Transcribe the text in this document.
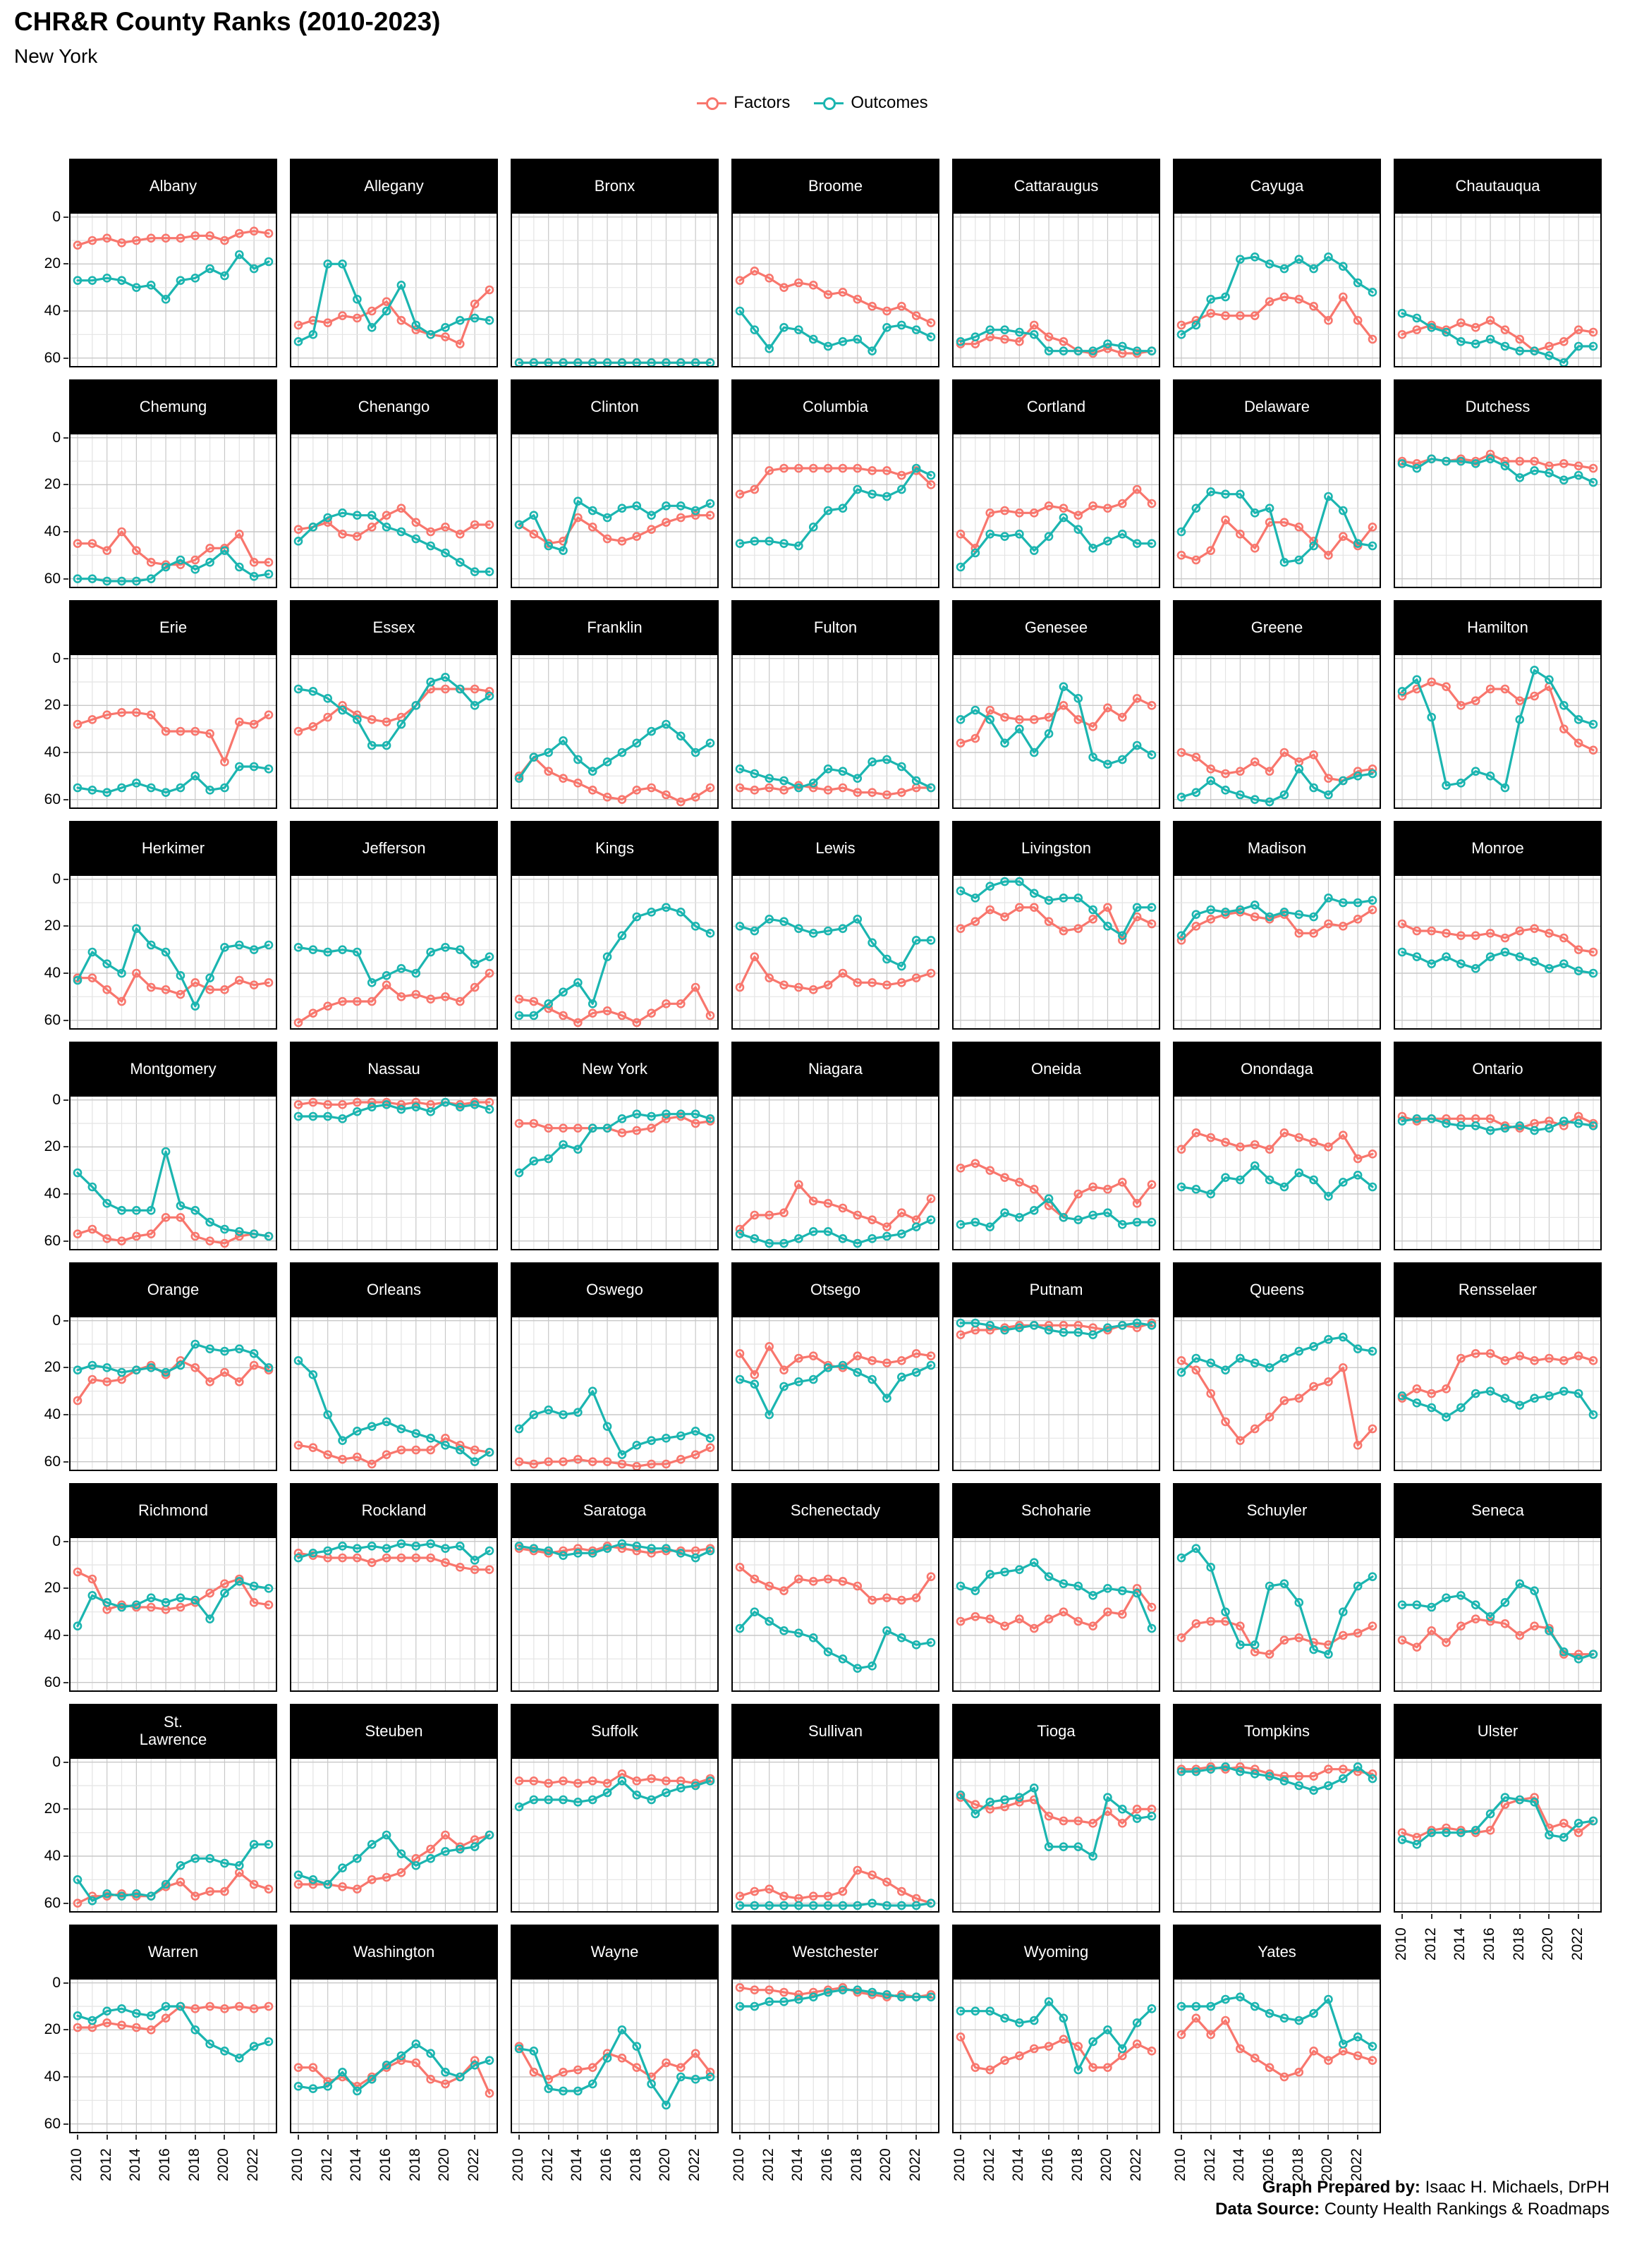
CHR&R County Ranks (2010-2023)
New York
Factors	Outcomes
Albany	Allegany	Bronx	Broome	Cattaraugus	Cayuga	Chautauqua
Chemung	Chenango	Clinton	Columbia	Cortland	Delaware	Dutchess
Erie	Essex	Franklin	Fulton	Genesee	Greene	Hamilton
Herkimer	Jefferson	Kings	Lewis	Livingston	Madison	Monroe
Montgomery	Nassau	New York	Niagara	Oneida	Onondaga	Ontario
Orange	Orleans	Oswego	Otsego	Putnam	Queens	Rensselaer
Richmond	Rockland	Saratoga	Schenectady	Schoharie	Schuyler	Seneca
St.
Lawrence	Steuben	Suffolk	Sullivan	Tioga	Tompkins	Ulster
Warren	Washington	Wayne	Westchester	Wyoming	Yates
0
20
40
60
0
20
40
60
0
20
40
60
0
20
40
60
0
20
40
60
0
20
40
60
0
20
40
60
0
20
40
60
0
20
40
60
2010 2012 2014 2016 2018 2020 2022 2010 2012 2014 2016 2018 2020 2022 2010 2012 2014 2016 2018 2020 2022 2010 2012 2014 2016 2018 2020 2022 2010 2012 2014 2016 2018 2020 2022 2010 2012 2014 2016 2018 2020 2022
2010 2012 2014 2016 2018 2020 2022
Graph Prepared by: Isaac H. Michaels, DrPH
Data Source: County Health Rankings & Roadmaps
